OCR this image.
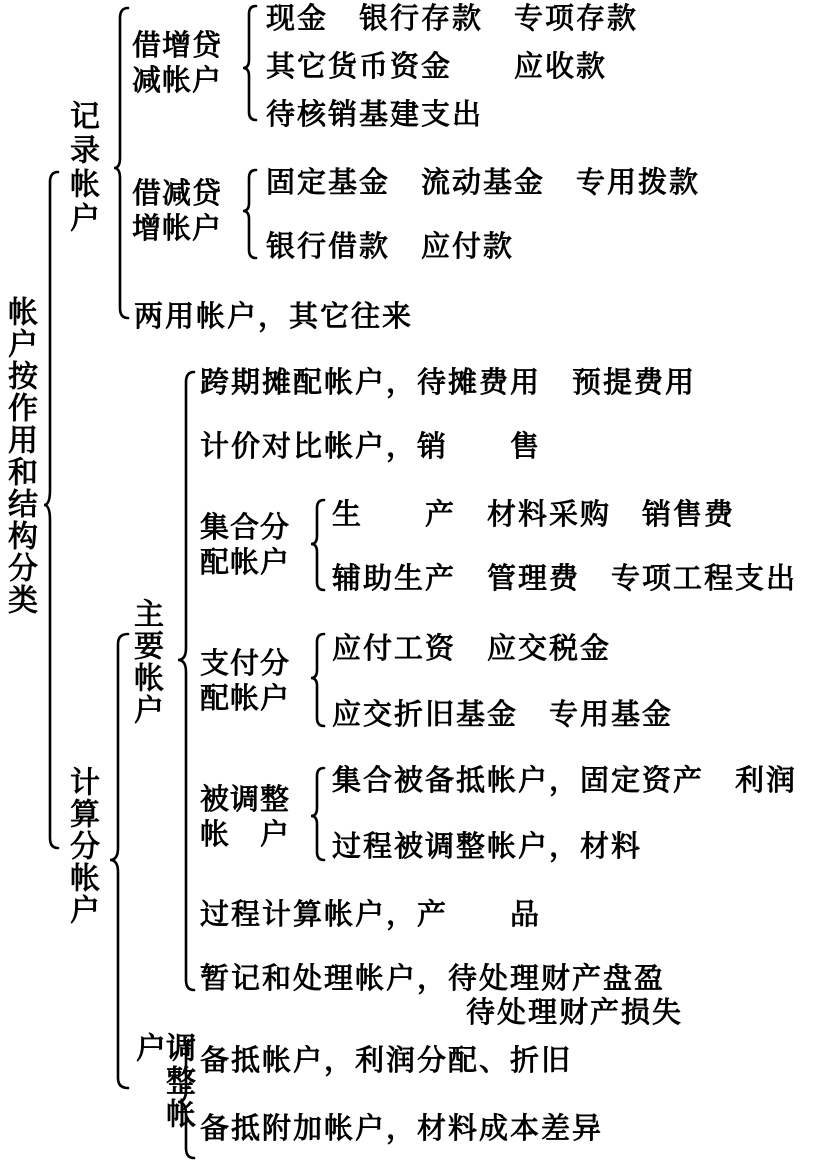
帐户按作用和结构分类
记录帐户
借增贷
减帐户
现金　银行存款　专项存款
其它货币资金　　应收款
待核销基建支出
借减贷
增帐户
固定基金　流动基金　专用拨款
银行借款　应付款
两用帐户，其它往来
计算分帐户
主要帐户
跨期摊配帐户，待摊费用　预提费用
计价对比帐户，销　　售
集合分
配帐户
生　　产　材料采购　销售费
辅助生产　管理费　专项工程支出
支付分
配帐户
应付工资　应交税金
应交折旧基金　专用基金
被调整
帐　户
集合被备抵帐户，固定资产　利润
过程被调整帐户，材料
过程计算帐户，产　　品
暂记和处理帐户，待处理财产盘盈
待处理财产损失
调整帐户	备抵帐户，利润分配、折旧
备抵附加帐户，材料成本差异
